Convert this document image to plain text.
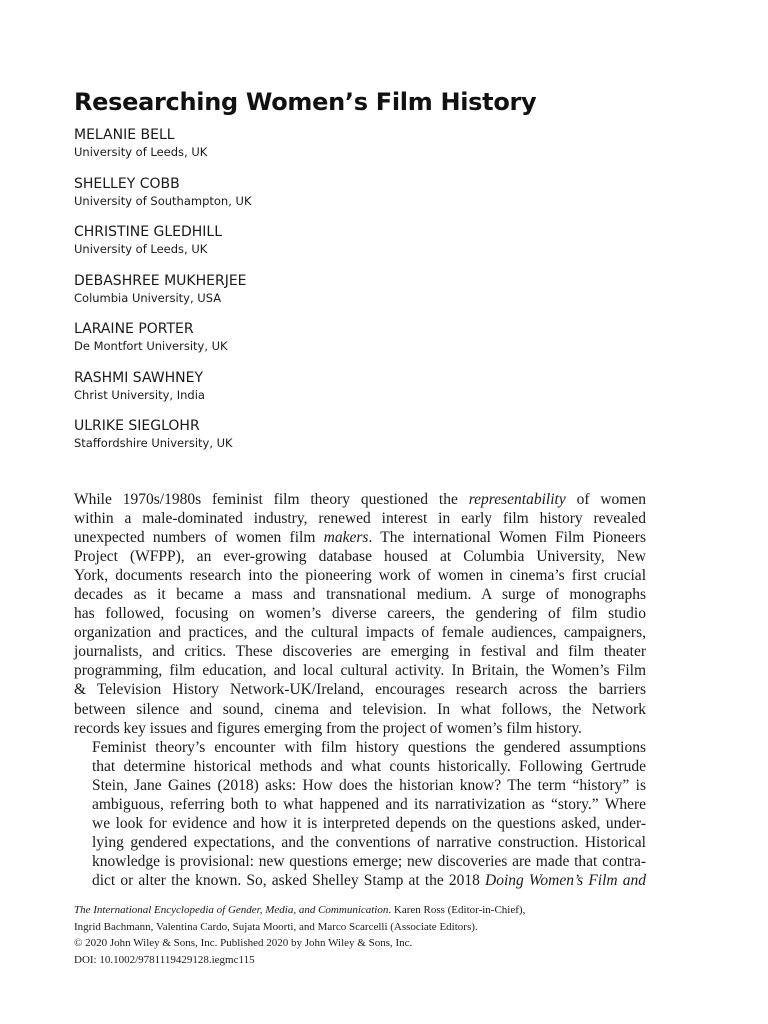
Researching Women’s Film History
MELANIE BELL
University of Leeds, UK
SHELLEY COBB
University of Southampton, UK
CHRISTINE GLEDHILL
University of Leeds, UK
DEBASHREE MUKHERJEE
Columbia University, USA
LARAINE PORTER
De Montfort University, UK
RASHMI SAWHNEY
Christ University, India
ULRIKE SIEGLOHR
Staffordshire University, UK
While 1970s/1980s feminist film theory questioned the representability of women
within a male-dominated industry, renewed interest in early film history revealed
unexpected numbers of women film makers. The international Women Film Pioneers
Project (WFPP), an ever-growing database housed at Columbia University, New
York, documents research into the pioneering work of women in cinema’s first crucial
decades as it became a mass and transnational medium. A surge of monographs
has followed, focusing on women’s diverse careers, the gendering of film studio
organization and practices, and the cultural impacts of female audiences, campaigners,
journalists, and critics. These discoveries are emerging in festival and film theater
programming, film education, and local cultural activity. In Britain, the Women’s Film
& Television History Network-UK/Ireland, encourages research across the barriers
between silence and sound, cinema and television. In what follows, the Network
records key issues and figures emerging from the project of women’s film history.
Feminist theory’s encounter with film history questions the gendered assumptions
that determine historical methods and what counts historically. Following Gertrude
Stein, Jane Gaines (2018) asks: How does the historian know? The term “history” is
ambiguous, referring both to what happened and its narrativization as “story.” Where
we look for evidence and how it is interpreted depends on the questions asked, under-
lying gendered expectations, and the conventions of narrative construction. Historical
knowledge is provisional: new questions emerge; new discoveries are made that contra-
dict or alter the known. So, asked Shelley Stamp at the 2018 Doing Women’s Film and
The International Encyclopedia of Gender, Media, and Communication. Karen Ross (Editor-in-Chief),
Ingrid Bachmann, Valentina Cardo, Sujata Moorti, and Marco Scarcelli (Associate Editors).
© 2020 John Wiley & Sons, Inc. Published 2020 by John Wiley & Sons, Inc.
DOI: 10.1002/9781119429128.iegmc115
